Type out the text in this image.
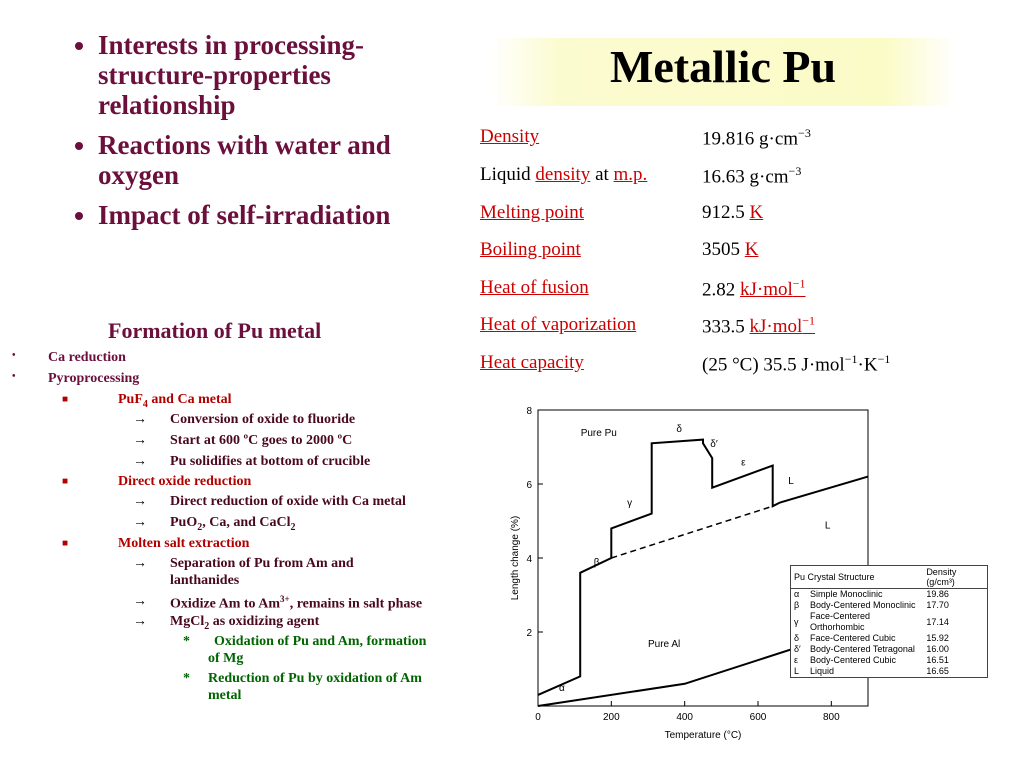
• Interests in processing-structure-properties relationship
• Reactions with water and oxygen
• Impact of self-irradiation
Metallic Pu
Density	19.816 $g\cdot cm^{-3}$
Liquid density at m.p.	16.63 $g\cdot cm^{-3}$
Melting point	912.5 K
Boiling point	3505 K
Heat of fusion	2.82 kJ·mol$^{-1}$
Heat of vaporization	333.5 kJ·mol$^{-1}$
Heat capacity	(25 °C) 35.5 $J\cdot mol^{-1}\cdot K^{-1}$
Formation of Pu metal
• Ca reduction
• Pyroprocessing
■	PuF$_4$ and Ca metal
→ Conversion of oxide to fluoride
→ Start at 600 ºC goes to 2000 ºC
→ Pu solidifies at bottom of crucible
■	Direct oxide reduction
→ Direct reduction of oxide with Ca metal
→ PuO$_2$, Ca, and CaCl$_2$
■	Molten salt extraction
→ Separation of Pu from Am and
lanthanides
→ Oxidize Am to $Am^{3+}$, remains in salt phase
→ MgCl$_2$ as oxidizing agent
* Oxidation of Pu and Am, formation
of Mg
* Reduction of Pu by oxidation of Am
metal
0	200	400	600	800
2
4
6
8
Temperature (°C)
Length change (%)
Pure Pu
Pure Al
α
β
γ
δ
δ′
ε
L
L
Pu Crystal Structure		Density (g/cm³)
α	Simple Monoclinic	19.86
β	Body-Centered Monoclinic	17.70
γ	Face-Centered Orthorhombic	17.14
δ	Face-Centered Cubic	15.92
δ′	Body-Centered Tetragonal	16.00
ε	Body-Centered Cubic	16.51
L	Liquid	16.65
